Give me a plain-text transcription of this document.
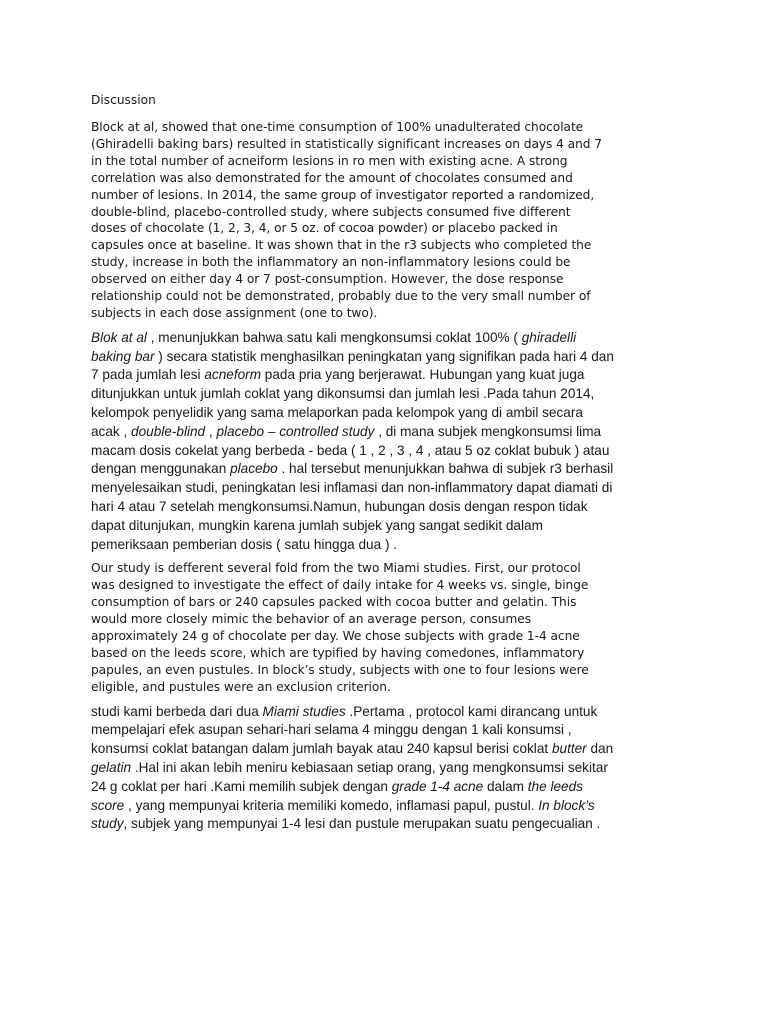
Discussion
Block at al, showed that one-time consumption of 100% unadulterated chocolate
(Ghiradelli baking bars) resulted in statistically significant increases on days 4 and 7
in the total number of acneiform lesions in ro men with existing acne. A strong
correlation was also demonstrated for the amount of chocolates consumed and
number of lesions. In 2014, the same group of investigator reported a randomized,
double-blind, placebo-controlled study, where subjects consumed five different
doses of chocolate (1, 2, 3, 4, or 5 oz. of cocoa powder) or placebo packed in
capsules once at baseline. It was shown that in the r3 subjects who completed the
study, increase in both the inflammatory an non-inflammatory lesions could be
observed on either day 4 or 7 post-consumption. However, the dose response
relationship could not be demonstrated, probably due to the very small number of
subjects in each dose assignment (one to two).
Blok at al , menunjukkan bahwa satu kali mengkonsumsi coklat 100% ( ghiradelli
baking bar ) secara statistik menghasilkan peningkatan yang signifikan pada hari 4 dan
7 pada jumlah lesi acneform pada pria yang berjerawat. Hubungan yang kuat juga
ditunjukkan untuk jumlah coklat yang dikonsumsi dan jumlah lesi .Pada tahun 2014,
kelompok penyelidik yang sama melaporkan pada kelompok yang di ambil secara
acak , double-blind , placebo – controlled study , di mana subjek mengkonsumsi lima
macam dosis cokelat yang berbeda - beda ( 1 , 2 , 3 , 4 , atau 5 oz coklat bubuk ) atau
dengan menggunakan placebo . hal tersebut menunjukkan bahwa di subjek r3 berhasil
menyelesaikan studi, peningkatan lesi inflamasi dan non-inflammatory dapat diamati di
hari 4 atau 7 setelah mengkonsumsi.Namun, hubungan dosis dengan respon tidak
dapat ditunjukan, mungkin karena jumlah subjek yang sangat sedikit dalam
pemeriksaan pemberian dosis ( satu hingga dua ) .
Our study is defferent several fold from the two Miami studies. First, our protocol
was designed to investigate the effect of daily intake for 4 weeks vs. single, binge
consumption of bars or 240 capsules packed with cocoa butter and gelatin. This
would more closely mimic the behavior of an average person, consumes
approximately 24 g of chocolate per day. We chose subjects with grade 1-4 acne
based on the leeds score, which are typified by having comedones, inflammatory
papules, an even pustules. In block’s study, subjects with one to four lesions were
eligible, and pustules were an exclusion criterion.
studi kami berbeda dari dua Miami studies .Pertama , protocol kami dirancang untuk
mempelajari efek asupan sehari-hari selama 4 minggu dengan 1 kali konsumsi ,
konsumsi coklat batangan dalam jumlah bayak atau 240 kapsul berisi coklat butter dan
gelatin .Hal ini akan lebih meniru kebiasaan setiap orang, yang mengkonsumsi sekitar
24 g coklat per hari .Kami memilih subjek dengan grade 1-4 acne dalam the leeds
score , yang mempunyai kriteria memiliki komedo, inflamasi papul, pustul. In block’s
study, subjek yang mempunyai 1-4 lesi dan pustule merupakan suatu pengecualian .
